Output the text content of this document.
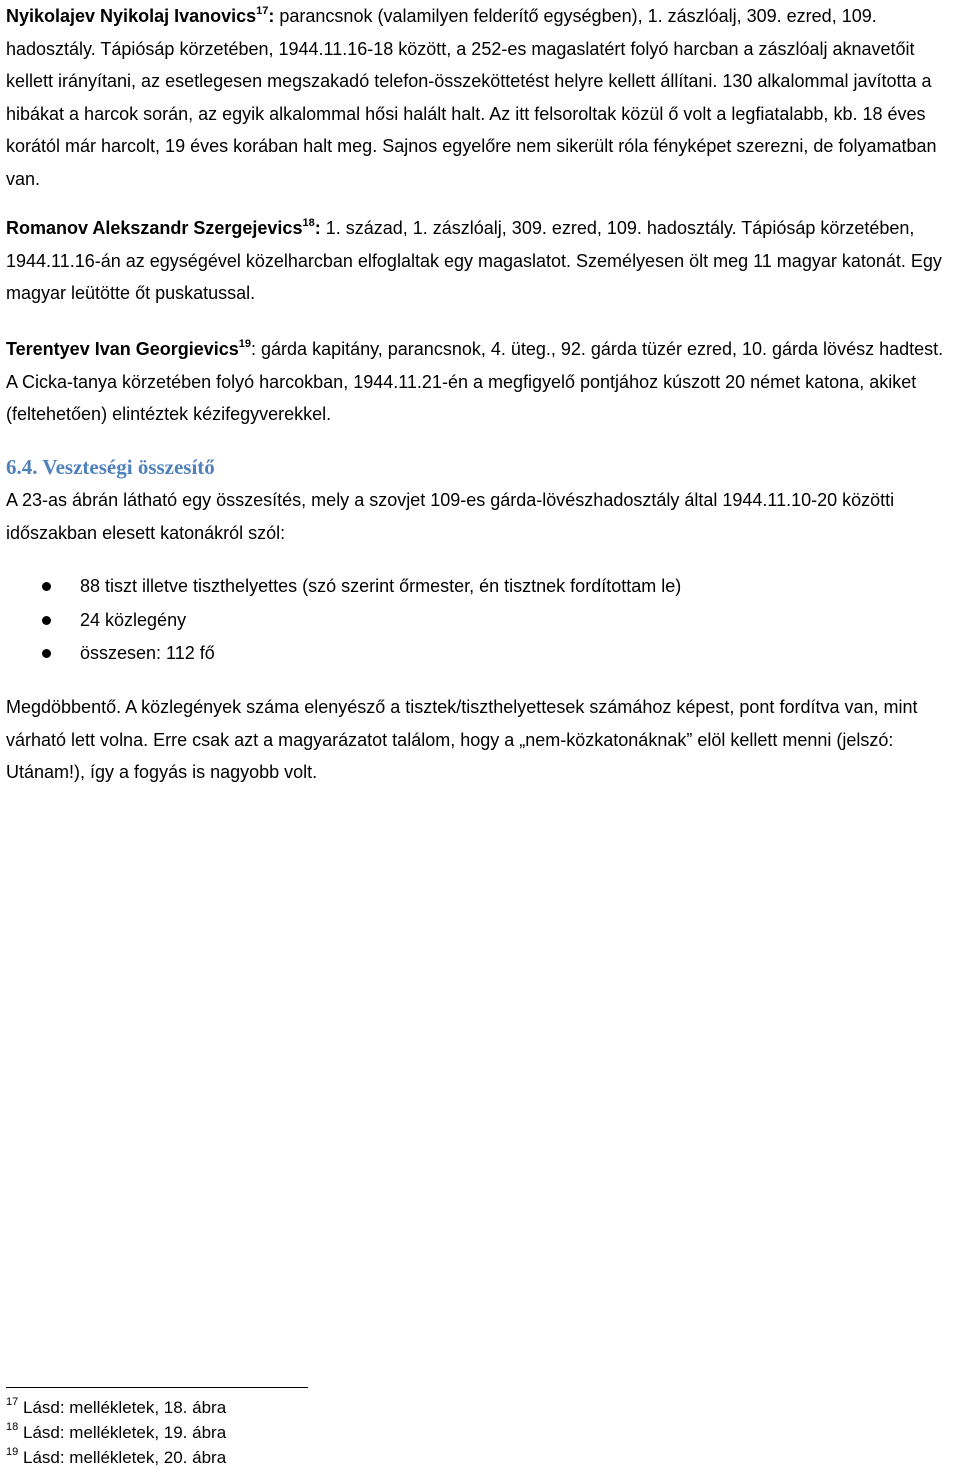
Nyikolajev Nyikolaj Ivanovics$^{17}$: parancsnok (valamilyen felderítő egységben), 1. zászlóalj, 309. ezred, 109. hadosztály. Tápiósáp körzetében, 1944.11.16-18 között, a 252-es magaslatért folyó harcban a zászlóalj aknavetőit kellett irányítani, az esetlegesen megszakadó telefon-összeköttetést helyre kellett állítani. 130 alkalommal javította a hibákat a harcok során, az egyik alkalommal hősi halált halt. Az itt felsoroltak közül ő volt a legfiatalabb, kb. 18 éves korától már harcolt, 19 éves korában halt meg. Sajnos egyelőre nem sikerült róla fényképet szerezni, de folyamatban van.

Romanov Alekszandr Szergejevics$^{18}$: 1. század, 1. zászlóalj, 309. ezred, 109. hadosztály. Tápiósáp körzetében, 1944.11.16-án az egységével közelharcban elfoglaltak egy magaslatot. Személyesen ölt meg 11 magyar katonát. Egy magyar leütötte őt puskatussal.

Terentyev Ivan Georgievics$^{19}$: gárda kapitány, parancsnok, 4. üteg., 92. gárda tüzér ezred, 10. gárda lövész hadtest. A Cicka-tanya körzetében folyó harcokban, 1944.11.21-én a megfigyelő pontjához kúszott 20 német katona, akiket (feltehetően) elintéztek kézifegyverekkel.

6.4. Veszteségi összesítő

A 23-as ábrán látható egy összesítés, mely a szovjet 109-es gárda-lövészhadosztály által 1944.11.10-20 közötti időszakban elesett katonákról szól:

88 tiszt illetve tiszthelyettes (szó szerint őrmester, én tisztnek fordítottam le)
24 közlegény
összesen: 112 fő

Megdöbbentő. A közlegények száma elenyésző a tisztek/tiszthelyettesek számához képest, pont fordítva van, mint várható lett volna. Erre csak azt a magyarázatot találom, hogy a „nem-közkatonáknak” elöl kellett menni (jelszó: Utánam!), így a fogyás is nagyobb volt.

$^{17}$ Lásd: mellékletek, 18. ábra
$^{18}$ Lásd: mellékletek, 19. ábra
$^{19}$ Lásd: mellékletek, 20. ábra
